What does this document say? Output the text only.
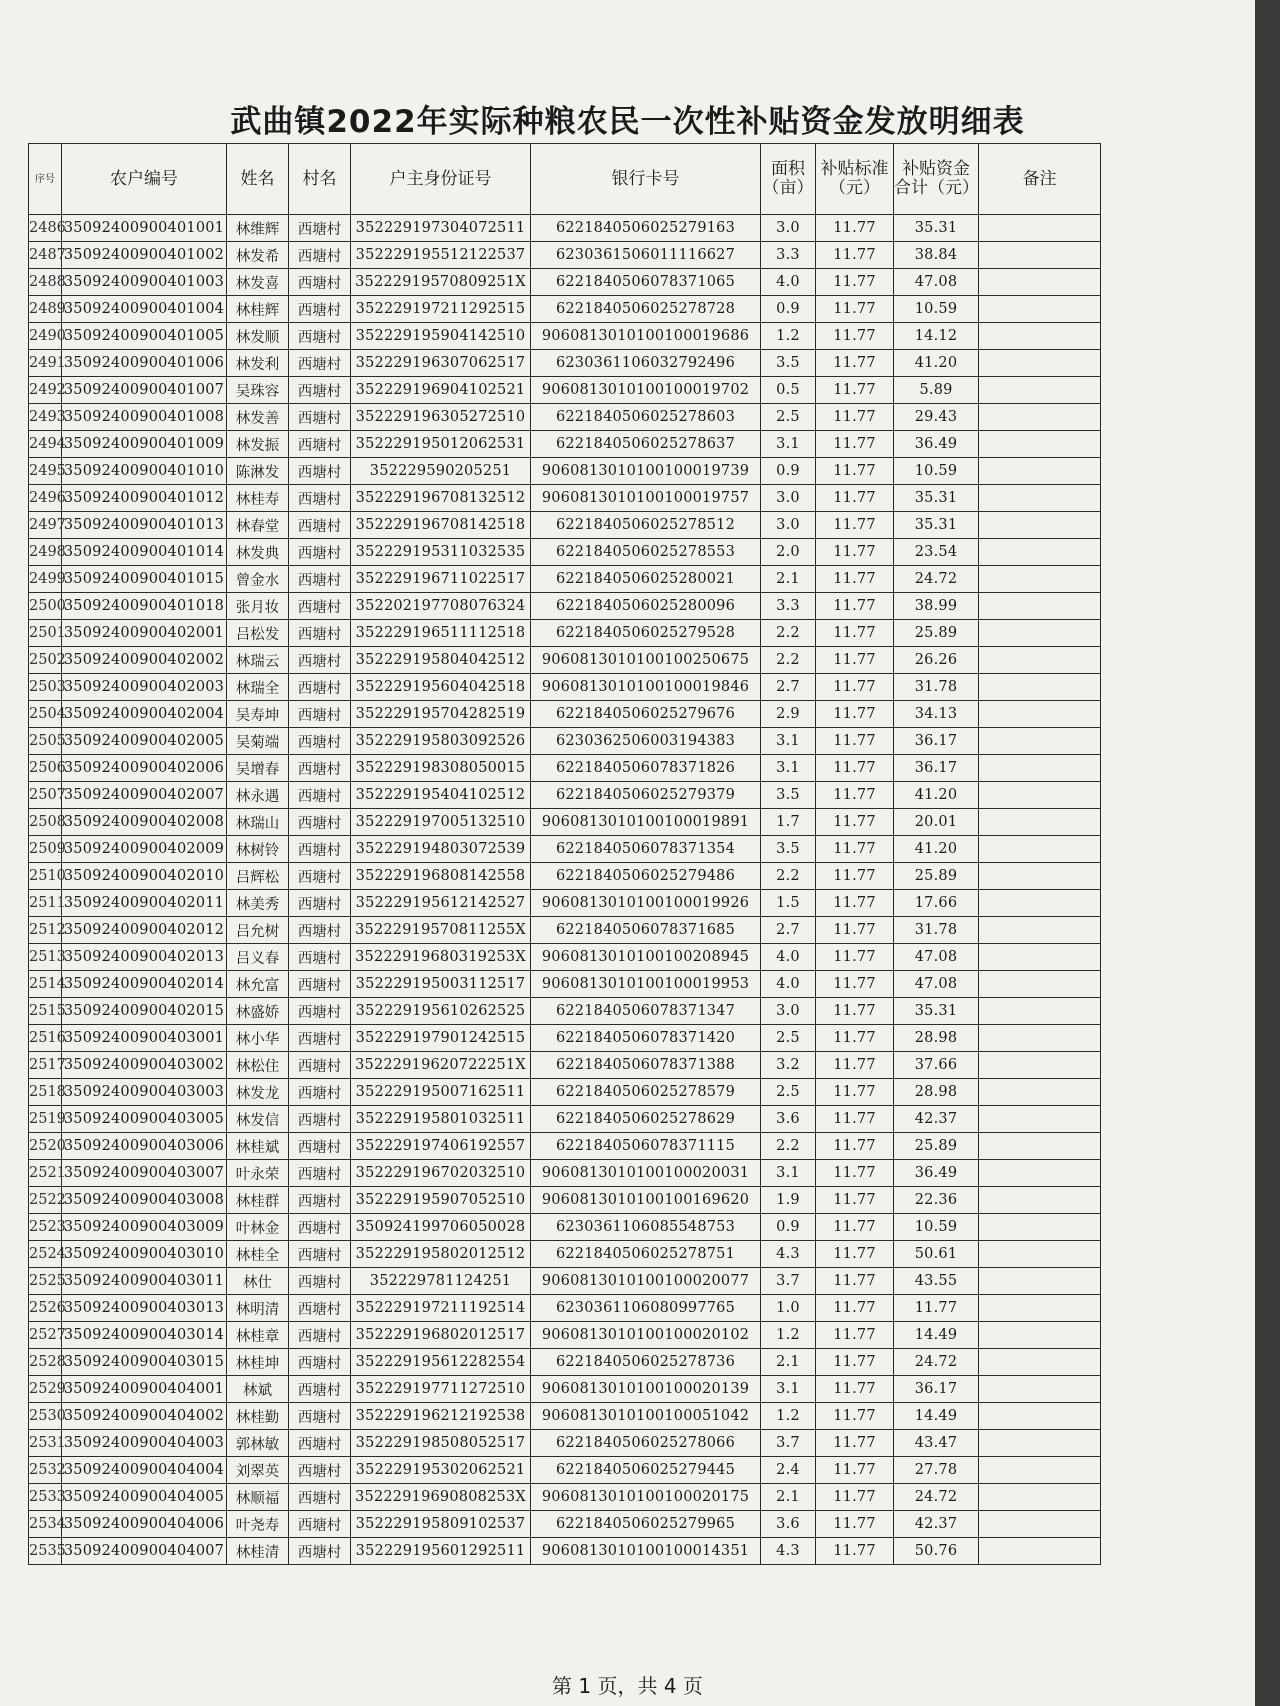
武曲镇2022年实际种粮农民一次性补贴资金发放明细表
序号	农户编号	姓名	村名	户主身份证号	银行卡号	面积（亩）	补贴标准（元）	补贴资金合计（元）	备注
2486	35092400900401001	林维辉	西塘村	352229197304072511	6221840506025279163	3.0	11.77	35.31	
2487	35092400900401002	林发希	西塘村	352229195512122537	6230361506011116627	3.3	11.77	38.84	
2488	35092400900401003	林发喜	西塘村	35222919570809251X	6221840506078371065	4.0	11.77	47.08	
2489	35092400900401004	林桂辉	西塘村	352229197211292515	6221840506025278728	0.9	11.77	10.59	
2490	35092400900401005	林发顺	西塘村	352229195904142510	9060813010100100019686	1.2	11.77	14.12	
2491	35092400900401006	林发利	西塘村	352229196307062517	6230361106032792496	3.5	11.77	41.20	
2492	35092400900401007	吴珠容	西塘村	352229196904102521	9060813010100100019702	0.5	11.77	5.89	
2493	35092400900401008	林发善	西塘村	352229196305272510	6221840506025278603	2.5	11.77	29.43	
2494	35092400900401009	林发振	西塘村	352229195012062531	6221840506025278637	3.1	11.77	36.49	
2495	35092400900401010	陈淋发	西塘村	352229590205251	9060813010100100019739	0.9	11.77	10.59	
2496	35092400900401012	林桂寿	西塘村	352229196708132512	9060813010100100019757	3.0	11.77	35.31	
2497	35092400900401013	林春堂	西塘村	352229196708142518	6221840506025278512	3.0	11.77	35.31	
2498	35092400900401014	林发典	西塘村	352229195311032535	6221840506025278553	2.0	11.77	23.54	
2499	35092400900401015	曾金水	西塘村	352229196711022517	6221840506025280021	2.1	11.77	24.72	
2500	35092400900401018	张月妆	西塘村	352202197708076324	6221840506025280096	3.3	11.77	38.99	
2501	35092400900402001	吕松发	西塘村	352229196511112518	6221840506025279528	2.2	11.77	25.89	
2502	35092400900402002	林瑞云	西塘村	352229195804042512	9060813010100100250675	2.2	11.77	26.26	
2503	35092400900402003	林瑞全	西塘村	352229195604042518	9060813010100100019846	2.7	11.77	31.78	
2504	35092400900402004	吴寿坤	西塘村	352229195704282519	6221840506025279676	2.9	11.77	34.13	
2505	35092400900402005	吴菊端	西塘村	352229195803092526	6230362506003194383	3.1	11.77	36.17	
2506	35092400900402006	吴增春	西塘村	352229198308050015	6221840506078371826	3.1	11.77	36.17	
2507	35092400900402007	林永遇	西塘村	352229195404102512	6221840506025279379	3.5	11.77	41.20	
2508	35092400900402008	林瑞山	西塘村	352229197005132510	9060813010100100019891	1.7	11.77	20.01	
2509	35092400900402009	林树铃	西塘村	352229194803072539	6221840506078371354	3.5	11.77	41.20	
2510	35092400900402010	吕辉松	西塘村	352229196808142558	6221840506025279486	2.2	11.77	25.89	
2511	35092400900402011	林美秀	西塘村	352229195612142527	9060813010100100019926	1.5	11.77	17.66	
2512	35092400900402012	吕允树	西塘村	35222919570811255X	6221840506078371685	2.7	11.77	31.78	
2513	35092400900402013	吕义春	西塘村	35222919680319253X	9060813010100100208945	4.0	11.77	47.08	
2514	35092400900402014	林允富	西塘村	352229195003112517	9060813010100100019953	4.0	11.77	47.08	
2515	35092400900402015	林盛娇	西塘村	352229195610262525	6221840506078371347	3.0	11.77	35.31	
2516	35092400900403001	林小华	西塘村	352229197901242515	6221840506078371420	2.5	11.77	28.98	
2517	35092400900403002	林松住	西塘村	35222919620722251X	6221840506078371388	3.2	11.77	37.66	
2518	35092400900403003	林发龙	西塘村	352229195007162511	6221840506025278579	2.5	11.77	28.98	
2519	35092400900403005	林发信	西塘村	352229195801032511	6221840506025278629	3.6	11.77	42.37	
2520	35092400900403006	林桂斌	西塘村	352229197406192557	6221840506078371115	2.2	11.77	25.89	
2521	35092400900403007	叶永荣	西塘村	352229196702032510	9060813010100100020031	3.1	11.77	36.49	
2522	35092400900403008	林桂群	西塘村	352229195907052510	9060813010100100169620	1.9	11.77	22.36	
2523	35092400900403009	叶林金	西塘村	350924199706050028	6230361106085548753	0.9	11.77	10.59	
2524	35092400900403010	林桂全	西塘村	352229195802012512	6221840506025278751	4.3	11.77	50.61	
2525	35092400900403011	林仕	西塘村	352229781124251	9060813010100100020077	3.7	11.77	43.55	
2526	35092400900403013	林明清	西塘村	352229197211192514	6230361106080997765	1.0	11.77	11.77	
2527	35092400900403014	林桂章	西塘村	352229196802012517	9060813010100100020102	1.2	11.77	14.49	
2528	35092400900403015	林桂坤	西塘村	352229195612282554	6221840506025278736	2.1	11.77	24.72	
2529	35092400900404001	林斌	西塘村	352229197711272510	9060813010100100020139	3.1	11.77	36.17	
2530	35092400900404002	林桂勤	西塘村	352229196212192538	9060813010100100051042	1.2	11.77	14.49	
2531	35092400900404003	郭林敏	西塘村	352229198508052517	6221840506025278066	3.7	11.77	43.47	
2532	35092400900404004	刘翠英	西塘村	352229195302062521	6221840506025279445	2.4	11.77	27.78	
2533	35092400900404005	林顺福	西塘村	35222919690808253X	9060813010100100020175	2.1	11.77	24.72	
2534	35092400900404006	叶尧寿	西塘村	352229195809102537	6221840506025279965	3.6	11.77	42.37	
2535	35092400900404007	林桂清	西塘村	352229195601292511	9060813010100100014351	4.3	11.77	50.76	
第 1 页，共 4 页
